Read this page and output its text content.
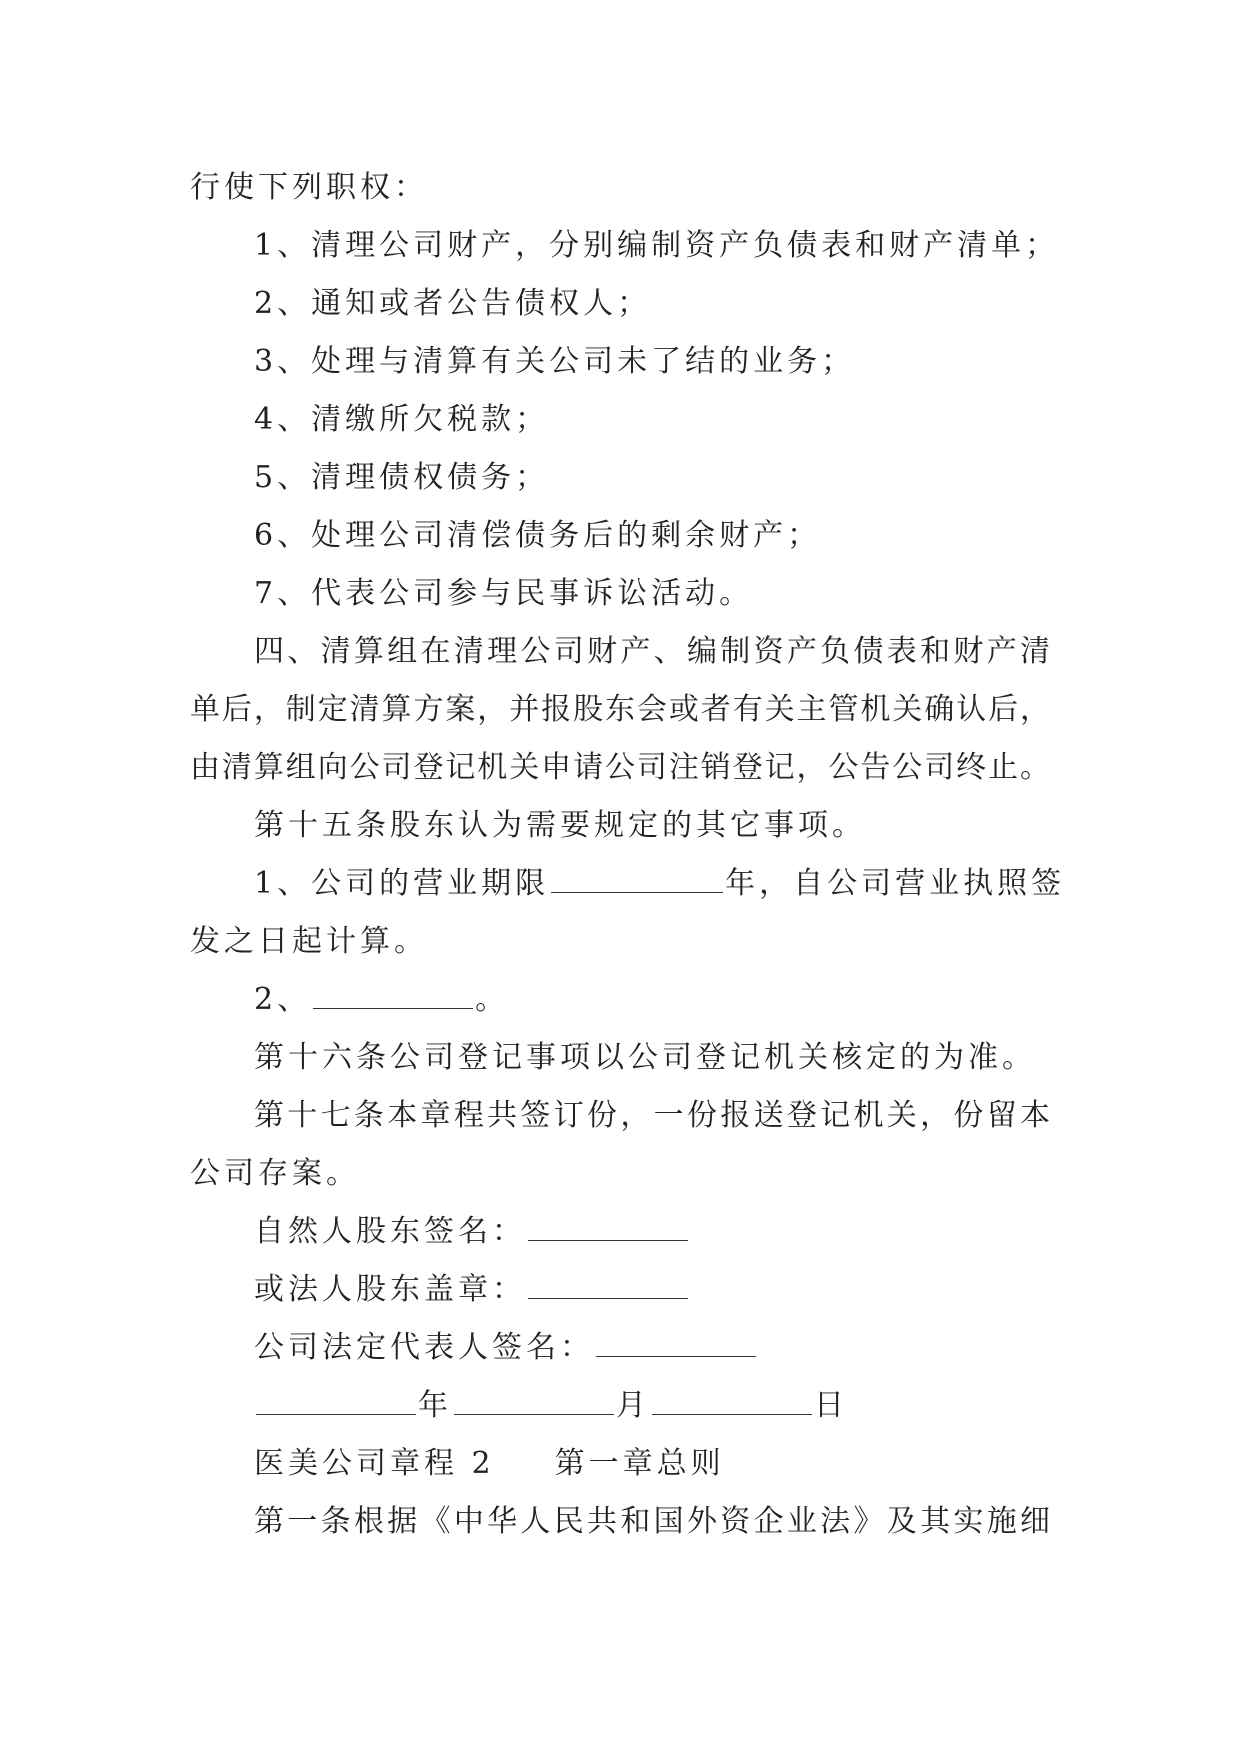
行使下列职权：
1、清理公司财产，分别编制资产负债表和财产清单；
2、通知或者公告债权人；
3、处理与清算有关公司未了结的业务；
4、清缴所欠税款；
5、清理债权债务；
6、处理公司清偿债务后的剩余财产；
7、代表公司参与民事诉讼活动。
四、清算组在清理公司财产、编制资产负债表和财产清
单后，制定清算方案，并报股东会或者有关主管机关确认后，
由清算组向公司登记机关申请公司注销登记，公告公司终止。
第十五条股东认为需要规定的其它事项。
1、公司的营业期限	年，自公司营业执照签
发之日起计算。
2、	。
第十六条公司登记事项以公司登记机关核定的为准。
第十七条本章程共签订份，一份报送登记机关，份留本
公司存案。
自然人股东签名：
或法人股东盖章：
公司法定代表人签名：
年	月	日
医美公司章程 2 第一章总则
第一条根据《中华人民共和国外资企业法》及其实施细
